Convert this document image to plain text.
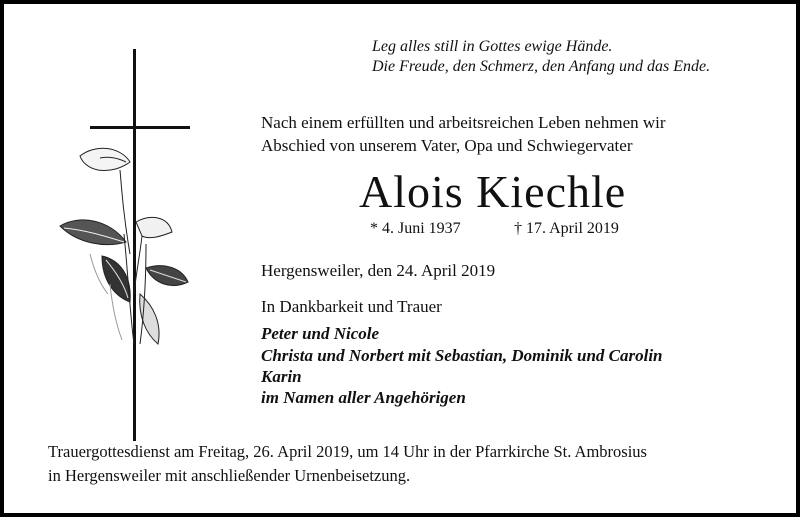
Leg alles still in Gottes ewige Hände.
Die Freude, den Schmerz, den Anfang und das Ende.
Nach einem erfüllten und arbeitsreichen Leben nehmen wir
Abschied von unserem Vater, Opa und Schwiegervater
Alois Kiechle
* 4. Juni 1937	† 17. April 2019
Hergensweiler, den 24. April 2019
In Dankbarkeit und Trauer
Peter und Nicole
Christa und Norbert mit Sebastian, Dominik und Carolin
Karin
im Namen aller Angehörigen
Trauergottesdienst am Freitag, 26. April 2019, um 14 Uhr in der Pfarrkirche St. Ambrosius
in Hergensweiler mit anschließender Urnenbeisetzung.
